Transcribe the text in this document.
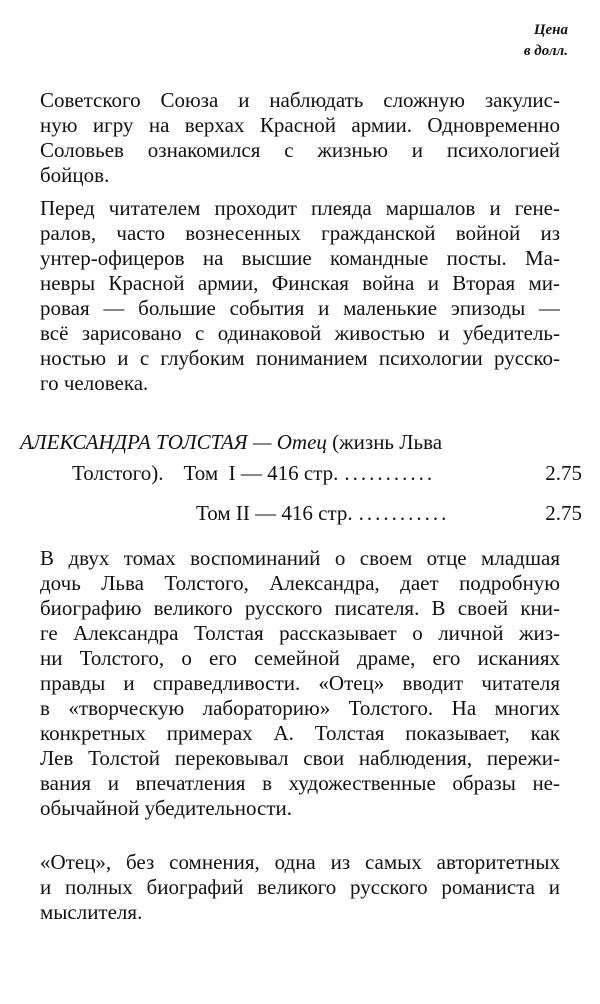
Цена
в долл.
Советского Союза и наблюдать сложную закулис-
ную игру на верхах Красной армии. Одновременно
Соловьев ознакомился с жизнью и психологией
бойцов.
Перед читателем проходит плеяда маршалов и гене-
ралов, часто вознесенных гражданской войной из
унтер-офицеров на высшие командные посты. Ма-
невры Красной армии, Финская война и Вторая ми-
ровая — большие события и маленькие эпизоды —
всё зарисовано с одинаковой живостью и убедитель-
ностью и с глубоким пониманием психологии русско-
го человека.
АЛЕКСАНДРА ТОЛСТАЯ —
Отец
(жизнь Льва
Толстого). Том  I — 416 стр. ...........	2.75
Том II — 416 стр. ...........	2.75
В двух томах воспоминаний о своем отце младшая
дочь Льва Толстого, Александра, дает подробную
биографию великого русского писателя. В своей кни-
ге Александра Толстая рассказывает о личной жиз-
ни Толстого, о его семейной драме, его исканиях
правды и справедливости. «Отец» вводит читателя
в «творческую лабораторию» Толстого. На многих
конкретных примерах А. Толстая показывает, как
Лев Толстой перековывал свои наблюдения, пережи-
вания и впечатления в художественные образы не-
обычайной убедительности.
«Отец», без сомнения, одна из самых авторитетных
и полных биографий великого русского романиста и
мыслителя.
